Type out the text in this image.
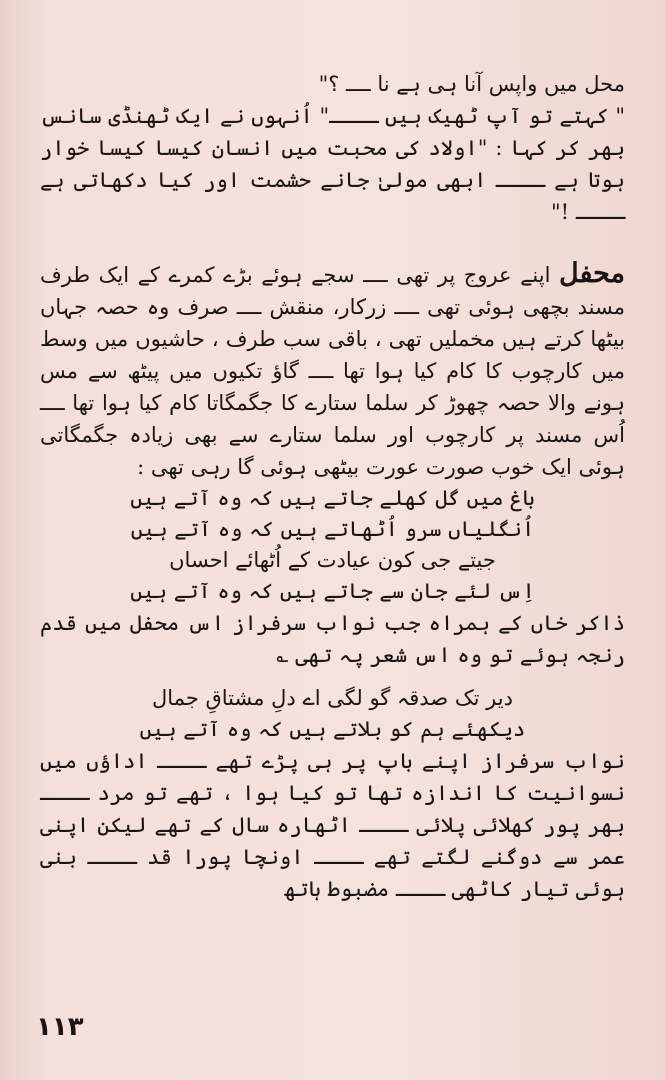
محل میں واپس آنا ہی ہے نا ــــ ؟"

" کہتے تو آپ ٹھیک ہیں ــــ" اُنہوں نے ایک ٹھنڈی سانس بھر کر کہا : "اولاد کی محبت میں انسان کیسا کیسا خوار ہوتا ہے ــــ ابھی مولیٰ جانے حشمت اور کیا دکھاتی ہے ــــ !"

محفل اپنے عروج پر تھی ــــ سجے ہوئے بڑے کمرے کے ایک طرف مسند بچھی ہوئی تھی ــــ زرکار، منقش ــــ صرف وہ حصہ جہاں بیٹھا کرتے ہیں مخملیں تھی ، باقی سب طرف ، حاشیوں میں وسط میں کارچوب کا کام کیا ہوا تھا ــــ گاؤ تکیوں میں پیٹھ سے مس ہونے والا حصہ چھوڑ کر سلما ستارے کا جگمگاتا کام کیا ہوا تھا ــــ اُس مسند پر کارچوب اور سلما ستارے سے بھی زیادہ جگمگاتی ہوئی ایک خوب صورت عورت بیٹھی ہوئی گا رہی تھی :

باغ میں گل کھلے جاتے ہیں کہ وہ آتے ہیں

اُنگلیاں سرو اُٹھاتے ہیں کہ وہ آتے ہیں

جیتے جی کون عیادت کے اُٹھائے احساں

اِس لئے جان سے جاتے ہیں کہ وہ آتے ہیں

ذاکر خاں کے ہمراہ جب نواب سرفراز اس محفل میں قدم رنجہ ہوئے تو وہ اس شعر پہ تھی ؎

دیر تک صدقہ گو لگی اے دلِ مشتاقِ جمال

دیکھئے ہم کو بلاتے ہیں کہ وہ آتے ہیں

نواب سرفراز اپنے باپ پر ہی پڑے تھے ــــ اداؤں میں نسوانیت کا اندازہ تھا تو کیا ہوا ، تھے تو مرد ــــ بھر پور کھلائی پلائی ــــ اٹھارہ سال کے تھے لیکن اپنی عمر سے دوگنے لگتے تھے ــــ اونچا پورا قد ــــ بنی ہوئی تیار کاٹھی ــــ مضبوط ہاتھ

۱۱۳
